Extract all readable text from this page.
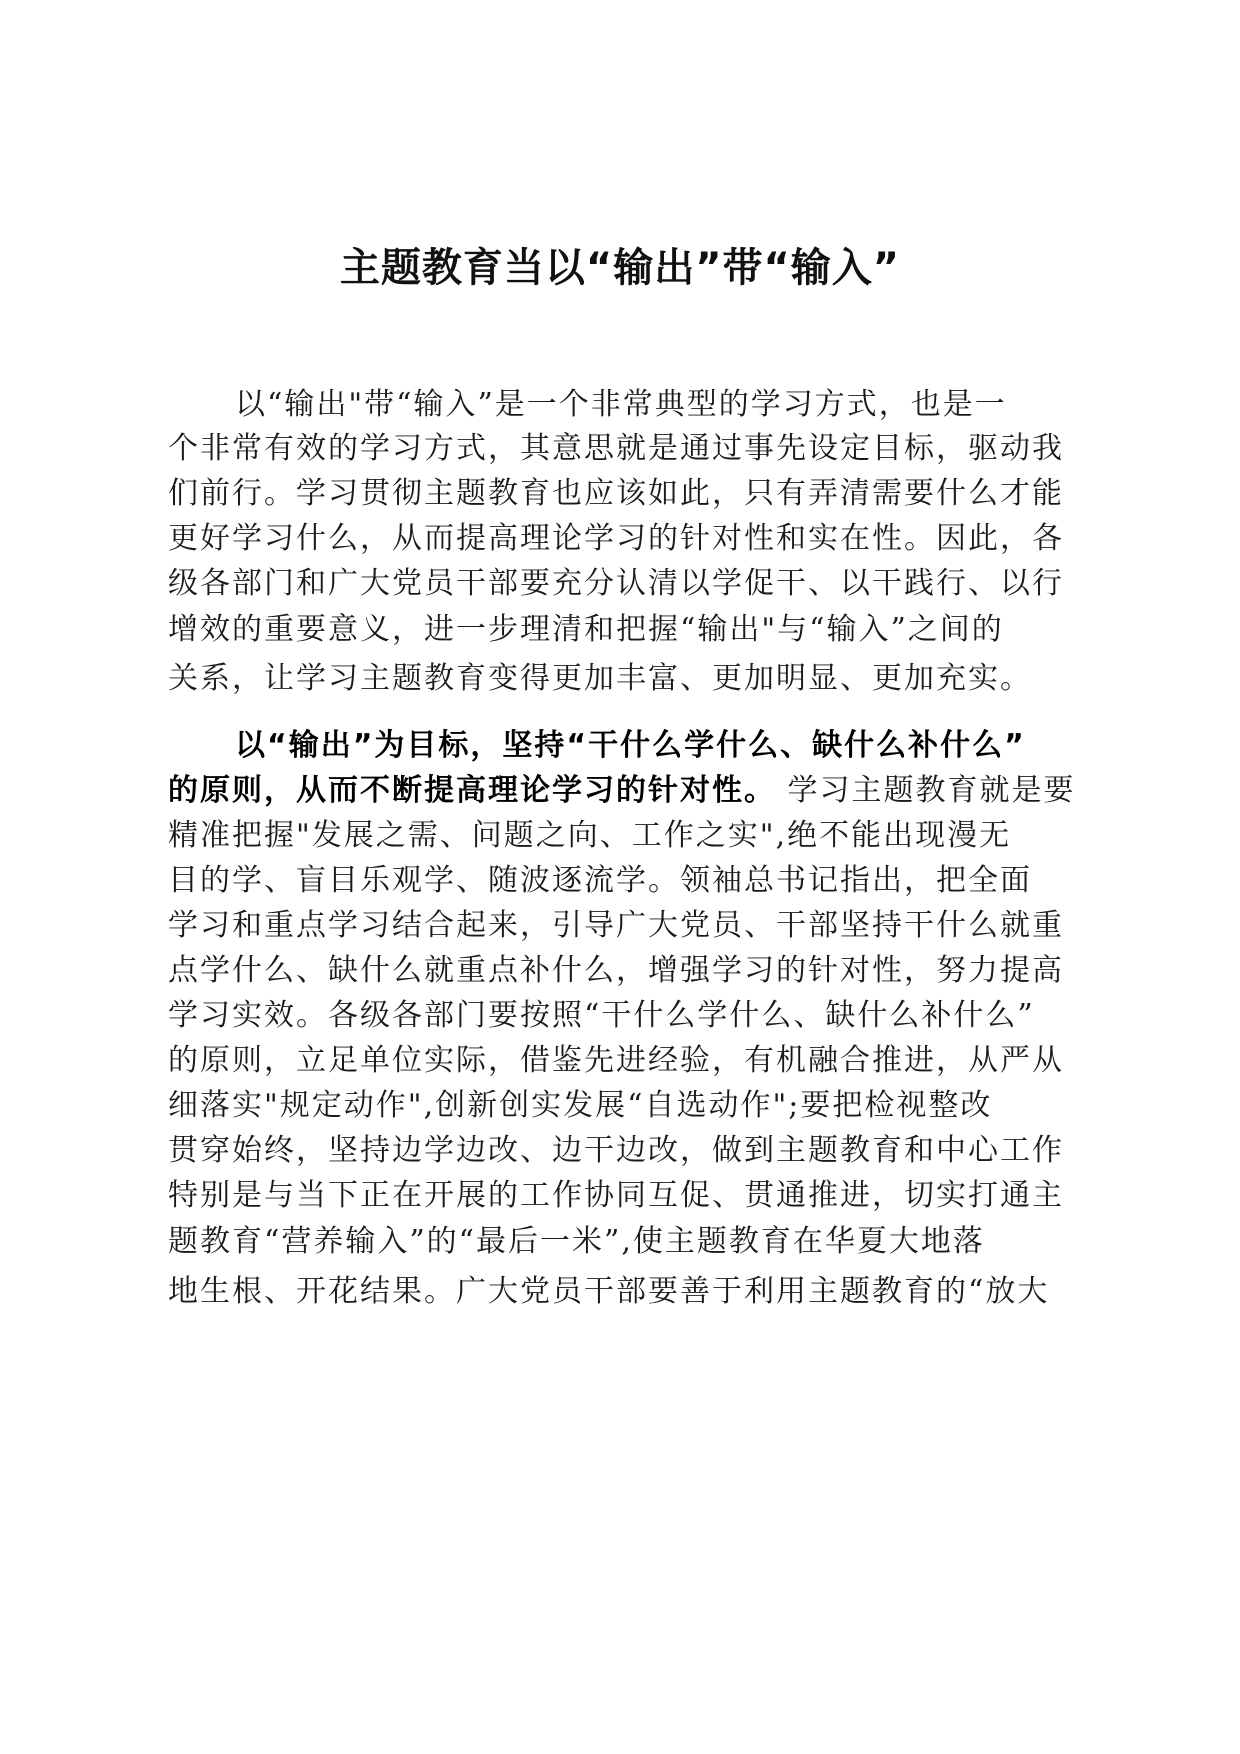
主题教育当以“输出”带“输入”

以“输出"带“输入”是一个非常典型的学习方式，也是一

个非常有效的学习方式，其意思就是通过事先设定目标，驱动我

们前行。学习贯彻主题教育也应该如此，只有弄清需要什么才能

更好学习什么，从而提高理论学习的针对性和实在性。因此，各

级各部门和广大党员干部要充分认清以学促干、以干践行、以行

增效的重要意义，进一步理清和把握“输出"与“输入”之间的

关系，让学习主题教育变得更加丰富、更加明显、更加充实。

以“输出”为目标，坚持“干什么学什么、缺什么补什么”

的原则，从而不断提高理论学习的针对性。 学习主题教育就是要

精准把握"发展之需、问题之向、工作之实",绝不能出现漫无

目的学、盲目乐观学、随波逐流学。领袖总书记指出，把全面

学习和重点学习结合起来，引导广大党员、干部坚持干什么就重

点学什么、缺什么就重点补什么，增强学习的针对性，努力提高

学习实效。各级各部门要按照“干什么学什么、缺什么补什么”

的原则，立足单位实际，借鉴先进经验，有机融合推进，从严从

细落实"规定动作",创新创实发展“自选动作";要把检视整改

贯穿始终，坚持边学边改、边干边改，做到主题教育和中心工作

特别是与当下正在开展的工作协同互促、贯通推进，切实打通主

题教育“营养输入”的“最后一米”,使主题教育在华夏大地落

地生根、开花结果。广大党员干部要善于利用主题教育的“放大
